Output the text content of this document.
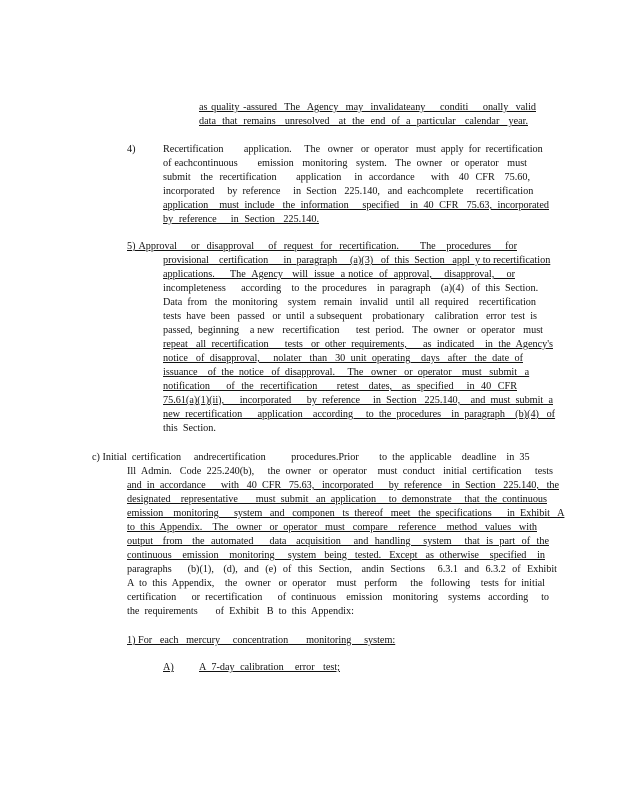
as quality -assured  The  Agency  may  invalidateany    conditi    onally  valid
data  that  remains   unresolved   at  the  end  of  a  particular   calendar   year.
4)	Recertification        application.     The   owner   or  operator   must  apply  for  recertification
of eachcontinuous       emission   monitoring   system.   The  owner   or  operator   must
submit   the  recertification      application    in  accordance     with   40  CFR   75.60,
incorporated     by  reference     in  Section   225.140,   and  eachcomplete     recertification
application    must  include   the  information     specified    in  40  CFR   75.63,  incorporated
by  reference     in  Section   225.140.
5) Approval    or  disapproval    of  request  for  recertification.      The   procedures    for
provisional    certification      in  paragraph     (a)(3)   of  this  Section   appl  y to recertification
applications.     The  Agency   will  issue  a notice  of  approval,    disapproval,    or
incompleteness      according    to  the  procedures    in  paragraph    (a)(4)   of  this  Section.
Data  from   the  monitoring    system   remain   invalid   until  all  required    recertification
tests  have  been   passed   or  until  a subsequent    probationary    calibration   error  test  is
passed,  beginning    a new   recertification      test  period.   The  owner   or  operator   must
repeat   all  recertification      tests   or  other  requirements,      as  indicated    in  the  Agency's
notice   of  disapproval,     nolater   than   30  unit  operating    days   after   the  date  of
issuance    of  the  notice   of  disapproval.     The   owner   or  operator    must   submit   a
notification     of  the  recertification      retest   dates,   as  specified    in  40  CFR
75.61(a)(1)(ii),      incorporated      by  reference     in  Section   225.140,    and  must  submit  a
new  recertification      application    according     to  the  procedures    in  paragraph    (b)(4)   of
this  Section.
c) Initial  certification     andrecertification          procedures.Prior        to  the  applicable    deadline    in  35
Ill  Admin.   Code  225.240(b),     the  owner   or  operator    must  conduct   initial  certification     tests
and  in  accordance      with   40  CFR   75.63,   incorporated      by  reference    in  Section   225.140,   the
designated    representative       must  submit   an  application     to  demonstrate     that  the  continuous
emission    monitoring      system   and   componen   ts  thereof   meet   the  specifications      in  Exhibit   A
to  this  Appendix.    The   owner   or  operator   must   compare    reference    method   values   with
output   from   the  automated     data   acquisition    and  handling    system    that  is  part  of  the
continuous    emission    monitoring     system   being   tested.   Except   as  otherwise    specified    in
paragraphs     (b)(1),   (d),  and  (e)  of  this  Section,   andin  Sections    6.3.1  and  6.3.2  of  Exhibit
A  to  this  Appendix,    the   owner   or  operator    must   perform     the   following    tests  for  initial
certification      or  recertification      of  continuous    emission    monitoring    systems   according     to
the  requirements       of  Exhibit   B  to  this  Appendix:
1) For   each   mercury     concentration       monitoring     system:
A) A  7-day  calibration    error   test;
